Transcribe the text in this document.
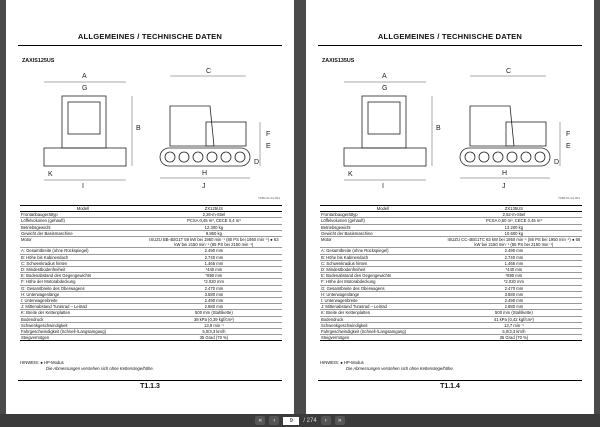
ALLGEMEINES / TECHNISCHE DATEN
ZAXIS125US
A
B
C
D
E
F
G
H
I	J
K
T1B0-01-01-001
Modell	ZX125US
Frontanbaugerättyp	2,26-m-Stiel
Löffelvolumen (gehäuft)	PCSA 0,45 m³, CECE 0,4 m³
Betriebsgewicht	12.300 kg
Gewicht der Basismaschine	9.860 kg
Motor	ISUZU BB-4BG1T 59 kW bei 1950 min⁻¹ (80 PS bei 1950 min⁻¹) ● 63 kW bei 2150 min⁻¹ (85 PS bei 2150 min⁻¹)
A: Gesamtbreite (ohne Rückspiegel)	2.490 mm
B: Höhe bis Kabinendach	2.740 mm
C: Schwenkradius hinten	1.465 mm
D: Mindestbodenfreiheit	*440 mm
E: Bodenabstand des Gegengewichts	*890 mm
F: Höhe der Motorabdeckung	*2.020 mm
G: Gesamtbreite des Oberwagens	2.470 mm
H: Unterwagenlänge	3.580 mm
I: Unterwagenbreite	2.490 mm
J: Mittenabstand Turasrad – Leitrad	2.880 mm
K: Breite der Kettenplatten	500 mm (Stahlkette)
Bodendruck	38 kPa (0,39 kgf/cm²)
Schwenkgeschwindigkeit	13,9 min⁻¹
Fahrgeschwindigkeit (Schnell-/Langsamgang)	5,0/3,3 km/h
Steigvermögen	35 Grad (70 %)
HINWEIS: ● HP-Modus
Die Abmessungen verstehen sich ohne Kettenstege/höhe.
T1.1.3
ALLGEMEINES / TECHNISCHE DATEN
ZAXIS135US
A
B
C
D
E
F
G
H
I	J
K
T1B0-01-01-001
Modell	ZX135US
Frontanbaugerättyp	2,52-m-Stiel
Löffelvolumen (gehäuft)	PCSA 0,50 m³, CECE 0,45 m³
Betriebsgewicht	13.200 kg
Gewicht der Basismaschine	10.600 kg
Motor	ISUZU CC-4BG1TC 63 kW bei 1950 min⁻¹ (86 PS bei 1950 min⁻¹) ● 66 kW bei 2150 min⁻¹ (85 PS bei 2150 min⁻¹)
A: Gesamtbreite (ohne Rückspiegel)	2.490 mm
B: Höhe bis Kabinendach	2.740 mm
C: Schwenkradius hinten	1.465 mm
D: Mindestbodenfreiheit	*440 mm
E: Bodenabstand des Gegengewichts	*890 mm
F: Höhe der Motorabdeckung	*2.020 mm
G: Gesamtbreite des Oberwagens	2.470 mm
H: Unterwagenlänge	3.580 mm
I: Unterwagenbreite	2.490 mm
J: Mittenabstand Turasrad – Leitrad	2.880 mm
K: Breite der Kettenplatten	500 mm (Stahlkette)
Bodendruck	41 kPa (0,42 kgf/cm²)
Schwenkgeschwindigkeit	13,7 min⁻¹
Fahrgeschwindigkeit (Schnell-/Langsamgang)	5,0/3,3 km/h
Steigvermögen	35 Grad (70 %)
HINWEIS: ● HP-Modus
Die Abmessungen verstehen sich ohne Kettenstege/höhe.
T1.1.4
«	‹	9	/ 274	›	»
